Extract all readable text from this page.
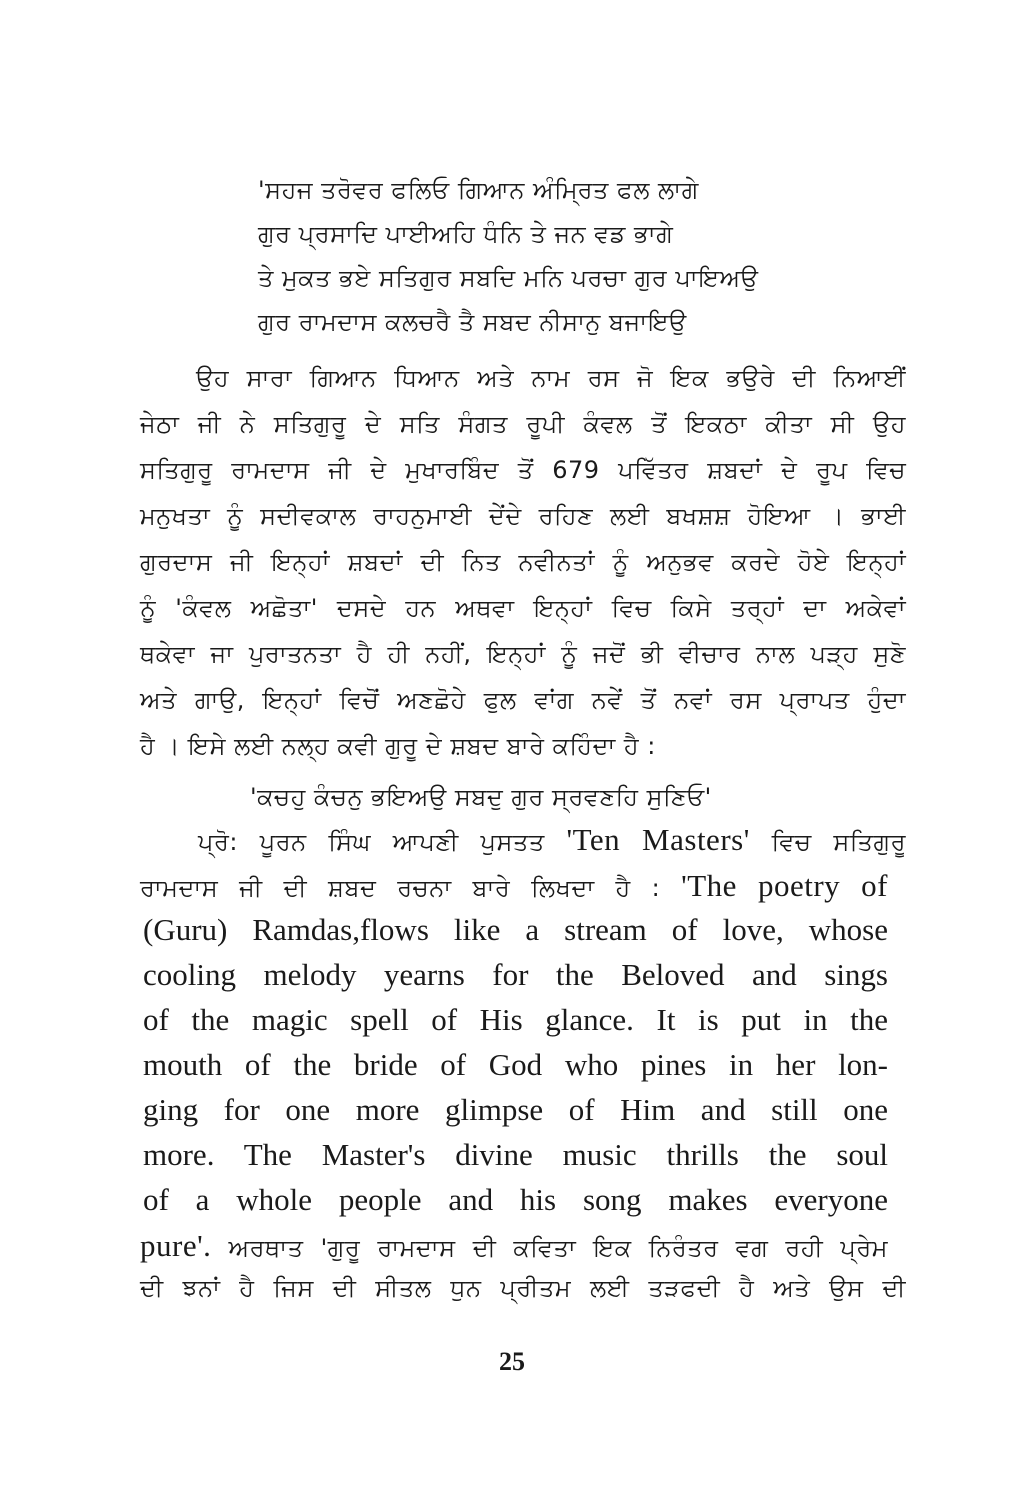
'ਸਹਜ ਤਰੋਵਰ ਫਲਿਓ ਗਿਆਨ ਅੰਮ੍ਰਿਤ ਫਲ ਲਾਗੇ
ਗੁਰ ਪ੍ਰਸਾਦਿ ਪਾਈਅਹਿ ਧੰਨਿ ਤੇ ਜਨ ਵਡ ਭਾਗੇ
ਤੇ ਮੁਕਤ ਭਏ ਸਤਿਗੁਰ ਸਬਦਿ ਮਨਿ ਪਰਚਾ ਗੁਰ ਪਾਇਅਉ
ਗੁਰ ਰਾਮਦਾਸ ਕਲਚਰੈ ਤੈ ਸਬਦ ਨੀਸਾਨੁ ਬਜਾਇਉ
ਉਹ ਸਾਰਾ ਗਿਆਨ ਧਿਆਨ ਅਤੇ ਨਾਮ ਰਸ ਜੋ ਇਕ ਭਉਰੇ ਦੀ ਨਿਆਈਂ
ਜੇਠਾ ਜੀ ਨੇ ਸਤਿਗੁਰੂ ਦੇ ਸਤਿ ਸੰਗਤ ਰੂਪੀ ਕੰਵਲ ਤੋਂ ਇਕਠਾ ਕੀਤਾ ਸੀ ਉਹ
ਸਤਿਗੁਰੂ ਰਾਮਦਾਸ ਜੀ ਦੇ ਮੁਖਾਰਬਿੰਦ ਤੋਂ 679 ਪਵਿੱਤਰ ਸ਼ਬਦਾਂ ਦੇ ਰੂਪ ਵਿਚ
ਮਨੁਖਤਾ ਨੂੰ ਸਦੀਵਕਾਲ ਰਾਹਨੁਮਾਈ ਦੇਂਦੇ ਰਹਿਣ ਲਈ ਬਖਸ਼ਸ਼ ਹੋਇਆ । ਭਾਈ
ਗੁਰਦਾਸ ਜੀ ਇਨ੍ਹਾਂ ਸ਼ਬਦਾਂ ਦੀ ਨਿਤ ਨਵੀਨਤਾਂ ਨੂੰ ਅਨੁਭਵ ਕਰਦੇ ਹੋਏ ਇਨ੍ਹਾਂ
ਨੂੰ 'ਕੰਵਲ ਅਛੋਤਾ' ਦਸਦੇ ਹਨ ਅਥਵਾ ਇਨ੍ਹਾਂ ਵਿਚ ਕਿਸੇ ਤਰ੍ਹਾਂ ਦਾ ਅਕੇਵਾਂ
ਥਕੇਵਾ ਜਾ ਪੁਰਾਤਨਤਾ ਹੈ ਹੀ ਨਹੀਂ, ਇਨ੍ਹਾਂ ਨੂੰ ਜਦੋਂ ਭੀ ਵੀਚਾਰ ਨਾਲ ਪੜ੍ਹ ਸੁਣੋ
ਅਤੇ ਗਾਉ, ਇਨ੍ਹਾਂ ਵਿਚੋਂ ਅਣਛੋਹੇ ਫੁਲ ਵਾਂਗ ਨਵੇਂ ਤੋਂ ਨਵਾਂ ਰਸ ਪ੍ਰਾਪਤ ਹੁੰਦਾ
ਹੈ । ਇਸੇ ਲਈ ਨਲ੍ਹ ਕਵੀ ਗੁਰੂ ਦੇ ਸ਼ਬਦ ਬਾਰੇ ਕਹਿੰਦਾ ਹੈ :
'ਕਚਹੁ ਕੰਚਨੁ ਭਇਅਉ ਸਬਦੁ ਗੁਰ ਸ੍ਰਵਣਹਿ ਸੁਣਿਓ'
ਪ੍ਰੋ: ਪੂਰਨ ਸਿੰਘ ਆਪਣੀ ਪੁਸਤਤ 'Ten Masters' ਵਿਚ ਸਤਿਗੁਰੂ
ਰਾਮਦਾਸ ਜੀ ਦੀ ਸ਼ਬਦ ਰਚਨਾ ਬਾਰੇ ਲਿਖਦਾ ਹੈ : 'The poetry of
(Guru) Ramdas,flows like a stream of love, whose
cooling melody yearns for the Beloved and sings
of the magic spell of His glance. It is put in the
mouth of the bride of God who pines in her lon-
ging for one more glimpse of Him and still one
more. The Master's divine music thrills the soul
of a whole people and his song makes everyone
pure'. ਅਰਥਾਤ 'ਗੁਰੂ ਰਾਮਦਾਸ ਦੀ ਕਵਿਤਾ ਇਕ ਨਿਰੰਤਰ ਵਗ ਰਹੀ ਪ੍ਰੇਮ
ਦੀ ਝਨਾਂ ਹੈ ਜਿਸ ਦੀ ਸੀਤਲ ਧੁਨ ਪ੍ਰੀਤਮ ਲਈ ਤੜਫਦੀ ਹੈ ਅਤੇ ਉਸ ਦੀ
25
